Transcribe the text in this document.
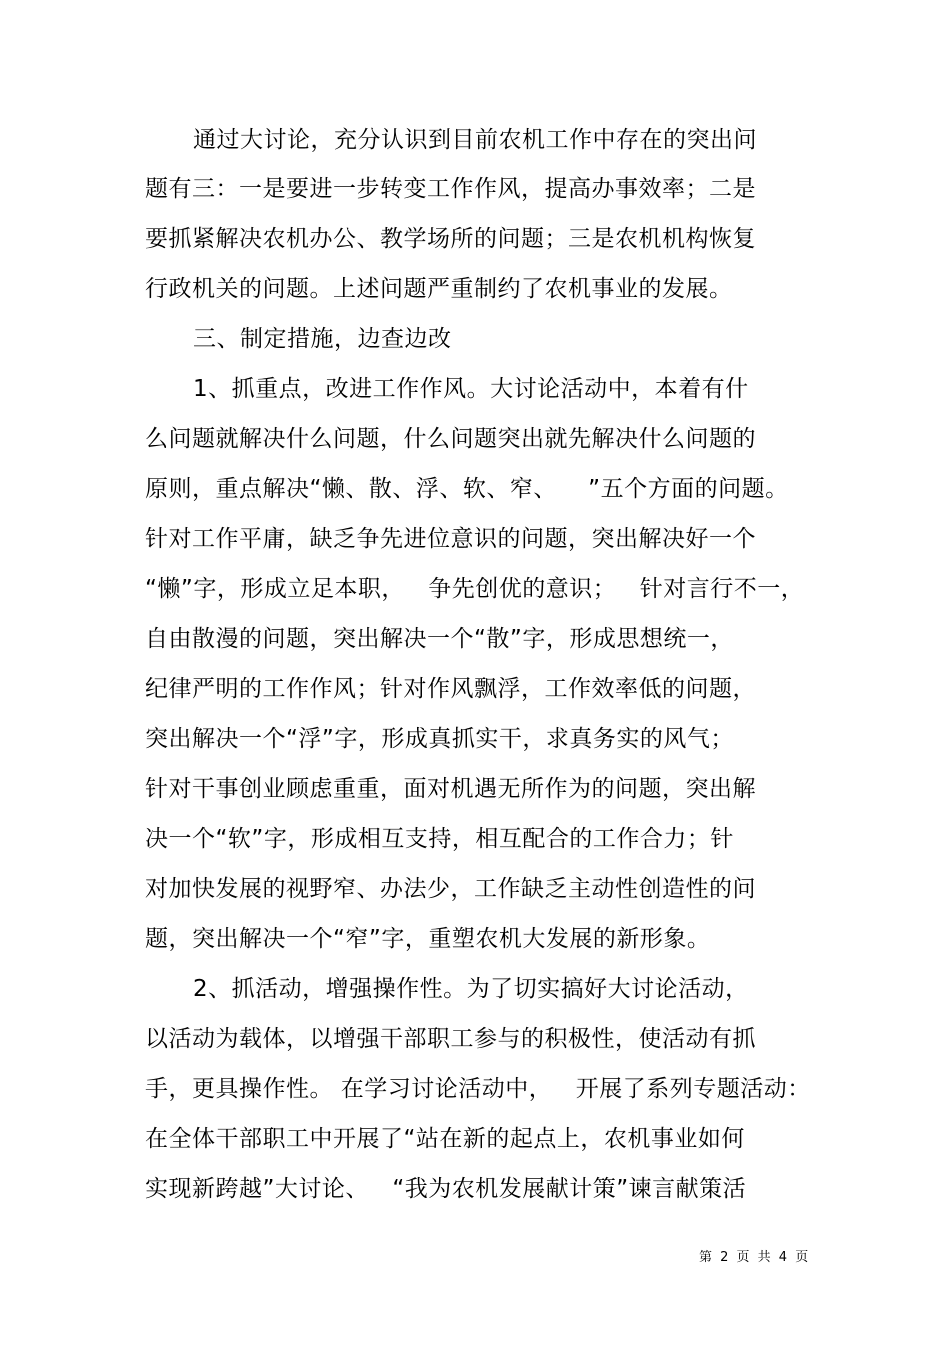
通过大讨论，充分认识到目前农机工作中存在的突出问
题有三：一是要进一步转变工作作风，提高办事效率；二是
要抓紧解决农机办公、教学场所的问题；三是农机机构恢复
行政机关的问题。上述问题严重制约了农机事业的发展。
三、制定措施，边查边改
1、抓重点，改进工作作风。大讨论活动中，本着有什
么问题就解决什么问题，什么问题突出就先解决什么问题的
原则，重点解决“懒、散、浮、软、窄、    ”五个方面的问题。
针对工作平庸，缺乏争先进位意识的问题，突出解决好一个
“懒”字，形成立足本职，   争先创优的意识；   针对言行不一，
自由散漫的问题，突出解决一个“散”字，形成思想统一，
纪律严明的工作作风；针对作风飘浮，工作效率低的问题，
突出解决一个“浮”字，形成真抓实干，求真务实的风气；
针对干事创业顾虑重重，面对机遇无所作为的问题，突出解
决一个“软”字，形成相互支持，相互配合的工作合力；针
对加快发展的视野窄、办法少，工作缺乏主动性创造性的问
题，突出解决一个“窄”字，重塑农机大发展的新形象。
2、抓活动，增强操作性。为了切实搞好大讨论活动，
以活动为载体，以增强干部职工参与的积极性，使活动有抓
手，更具操作性。 在学习讨论活动中，   开展了系列专题活动：
在全体干部职工中开展了“站在新的起点上，农机事业如何
实现新跨越”大讨论、   “我为农机发展献计策”谏言献策活
第 2 页 共 4 页
